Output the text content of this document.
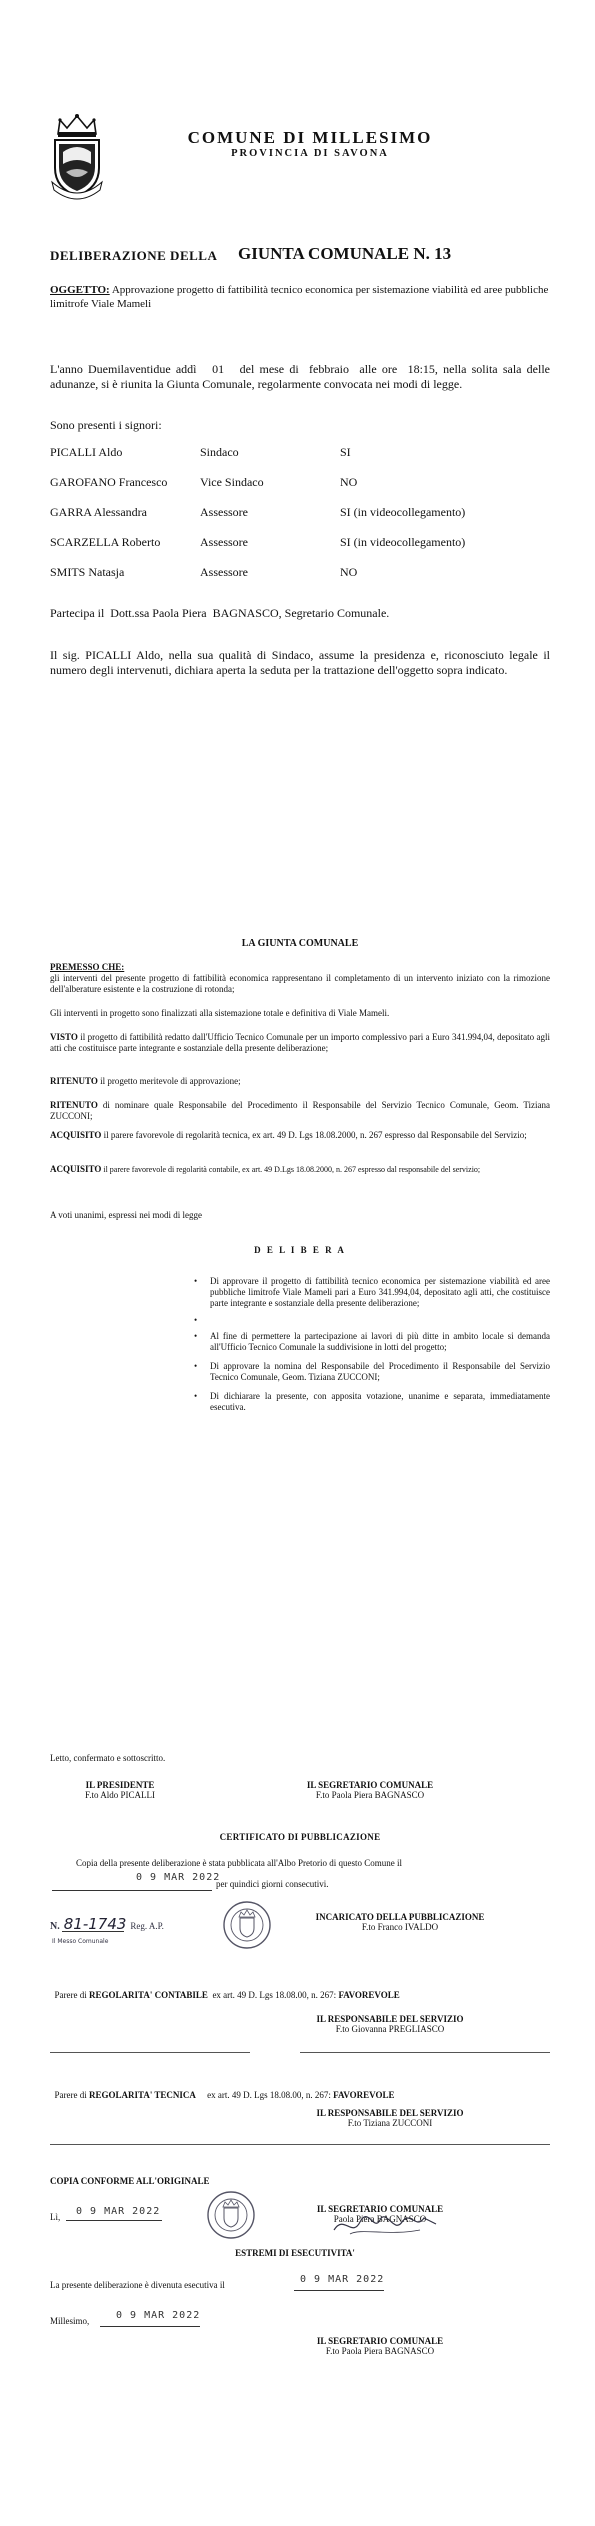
COMUNE DI MILLESIMO
PROVINCIA DI SAVONA
DELIBERAZIONE DELLA GIUNTA COMUNALE N. 13
OGGETTO: Approvazione progetto di fattibilità tecnico economica per sistemazione viabilità ed aree pubbliche limitrofe Viale Mameli
L'anno Duemilaventidue addì   01   del mese di  febbraio  alle ore  18:15, nella solita sala delle adunanze, si è riunita la Giunta Comunale, regolarmente convocata nei modi di legge.
Sono presenti i signori:
PICALLI Aldo	Sindaco	SI
GAROFANO Francesco	Vice Sindaco	NO
GARRA Alessandra	Assessore	SI (in videocollegamento)
SCARZELLA Roberto	Assessore	SI (in videocollegamento)
SMITS Natasja	Assessore	NO
Partecipa il  Dott.ssa Paola Piera  BAGNASCO, Segretario Comunale.
Il sig. PICALLI Aldo, nella sua qualità di Sindaco, assume la presidenza e, riconosciuto legale il numero degli intervenuti, dichiara aperta la seduta per la trattazione dell'oggetto sopra indicato.
LA GIUNTA COMUNALE
PREMESSO CHE:
gli interventi del presente progetto di fattibilità economica rappresentano il completamento di un intervento iniziato con la rimozione dell'alberature esistente e la costruzione di rotonda;
Gli interventi in progetto sono finalizzati alla sistemazione totale e definitiva di Viale Mameli.
VISTO il progetto di fattibilità redatto dall'Ufficio Tecnico Comunale per un importo complessivo pari a Euro 341.994,04, depositato agli atti che costituisce parte integrante e sostanziale della presente deliberazione;
RITENUTO il progetto meritevole di approvazione;
RITENUTO di nominare quale Responsabile del Procedimento il Responsabile del Servizio Tecnico Comunale, Geom. Tiziana ZUCCONI;
ACQUISITO il parere favorevole di regolarità tecnica, ex art. 49 D. Lgs 18.08.2000, n. 267 espresso dal Responsabile del Servizio;
ACQUISITO il parere favorevole di regolarità contabile, ex art. 49 D.Lgs 18.08.2000, n. 267 espresso dal responsabile del servizio;
A voti unanimi, espressi nei modi di legge
D E L I B E R A
• Di approvare il progetto di fattibilità tecnico economica per sistemazione viabilità ed aree pubbliche limitrofe Viale Mameli pari a Euro 341.994,04, depositato agli atti, che costituisce parte integrante e sostanziale della presente deliberazione;
•
• Al fine di permettere la partecipazione ai lavori di più ditte in ambito locale si demanda all'Ufficio Tecnico Comunale la suddivisione in lotti del progetto;
• Di approvare la nomina del Responsabile del Procedimento il Responsabile del Servizio Tecnico Comunale, Geom. Tiziana ZUCCONI;
• Di dichiarare la presente, con apposita votazione, unanime e separata, immediatamente esecutiva.
Letto, confermato e sottoscritto.
IL PRESIDENTE
F.to Aldo PICALLI
IL SEGRETARIO COMUNALE
F.to Paola Piera BAGNASCO
CERTIFICATO DI PUBBLICAZIONE
Copia della presente deliberazione è stata pubblicata all'Albo Pretorio di questo Comune il
0 9 MAR 2022
per quindici giorni consecutivi.
N. 81-1743 Reg. A.P.
Il Messo Comunale
INCARICATO DELLA PUBBLICAZIONE
F.to Franco IVALDO

Parere di REGOLARITA' CONTABILE  ex art. 49 D. Lgs 18.08.00, n. 267: FAVOREVOLE

IL RESPONSABILE DEL SERVIZIO
F.to Giovanna PREGLIASCO

Parere di REGOLARITA' TECNICA     ex art. 49 D. Lgs 18.08.00, n. 267: FAVOREVOLE

IL RESPONSABILE DEL SERVIZIO
F.to Tiziana ZUCCONI
COPIA CONFORME ALL'ORIGINALE
Lì, 0 9 MAR 2022	IL SEGRETARIO COMUNALE
Paola Piera BAGNASCO
ESTREMI DI ESECUTIVITA'
La presente deliberazione è divenuta esecutiva il	0 9 MAR 2022
Millesimo,	0 9 MAR 2022
IL SEGRETARIO COMUNALE
F.to Paola Piera BAGNASCO
